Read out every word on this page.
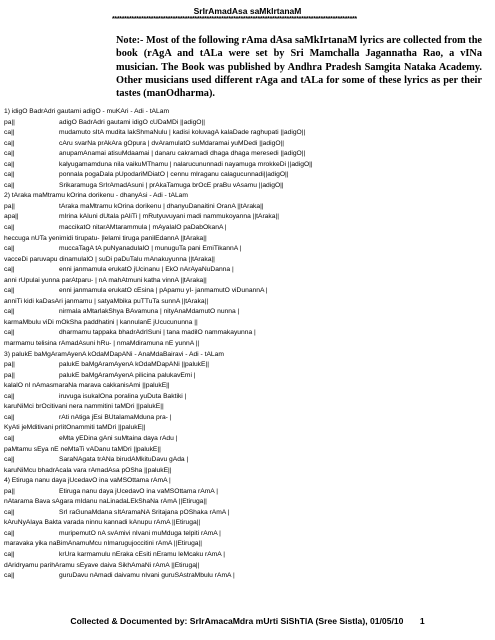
SrIrAmadAsa saMkIrtanaM
*****************************************************************************************************
Note:- Most of the following rAma dAsa saMkIrtanaM lyrics are collected from the book (rAgA and tALa were set by Sri Mamchalla Jagannatha Rao, a vINa musician. The Book was published by Andhra Pradesh Samgita Nataka Academy. Other musicians used different rAga and tALa for some of these lyrics as per their tastes (manOdharma).
1) idigO BadrAdri gautami adigO - muKAri - Adi - tALam
pa||	adigO BadrAdri gautami idigO cUDaMDi ||adigO||
ca||	mudamuto sItA mudita lakShmaNulu | kadisi koluvagA kalaDade raghupati ||adigO||
ca||	cAru svarNa prAkAra gOpura | dvAramulatO suMdaramai yuMDedi ||adigO||
ca||	anupamAnamai atisuMdaamai | danaru cakramadi dhaga dhaga meresedi ||adigO||
ca||	kalyugamamduna nila vaikuMThamu | nalarucununnadi nayamuga mrokkeDi ||adigO||
ca||	ponnala pogaDala pUpodariMDiatO | cennu mIraganu calagucunnadi||adigO||
ca||	Srikaramuga SrIrAmadAsuni | prAkaTamuga brOcE praBu vAsamu ||adigO||
2) tAraka maMtramu kOrina dorikenu - dhanyAsi - Adi - tALam
pa||	tAraka maMtramu kOrina dorikenu | dhanyuDanaitini OranA ||tAraka||
apa||	mIrina kAluni dUtala pAliTi | mRutyuvuyani madi nammukoyanna ||tAraka||
ca||	maccikatO nitarAMtarammula | mAyalalO paDabOkanA |
heccuga nUTa yenimidi tirupatu- |lelami tiruga panilEdannA ||tAraka||
ca||	muccaTagA tA puNyanadulalO | munuguTa pani EmiTikannA |
vacceDi paruvapu dinamulalO | suDi paDuTalu mAnakuyunna ||tAraka||
ca||	enni janmamula erukatO jUcinanu | EkO nArAyaNuDanna |
anni rUpulai yunna parAtparu- | nA mahAtmuni katha vinnA ||tAraka||
ca||	enni janmamula erukatO cEsina | pApamu yI- janmamutO viDunannA |
anniTi kidi kaDasAri janmamu | satyaMbika puTTuTa sunnA ||tAraka||
ca||	nirmala aMtarlakShya BAvamuna | nityAnaMdamutO nunna |
karmaMbulu viDi mOkSha paddhatini | kannulanE jUcucununna ||
ca||	dharmamu tappaka bhadrAdrISuni | tana madilO nammakayunna |
marmamu telisina rAmadAsuni hRu- | nmaMdiramuna nE yunnA ||
3) palukE baMgAramAyenA kOdaMDapANi - AnaMdaBairavi - Adi - tALam
pa||	palukE baMgAramAyenA kOdaMDapANi ||palukE||
pa||	palukE baMgAramAyenA pilicina palukavEmi |
kalalO nI nAmasmaraNa marava cakkanisAmi ||palukE||
ca||	iruvuga isukalOna poralina yuDuta Baktiki |
karuNiMci brOcitivani nera nammitini taMDri ||palukE||
ca||	rAti nAtiga jEsi BUtalamaMduna pra- |
KyAti jeMditivani prIitOnammiti taMDri ||palukE||
ca||	eMta yEDina gAni suMtaina daya rAdu |
paMtamu sEya nE neMtaTi vADanu taMDri ||palukE||
ca||	SaraNAgata trANa birudAMkituDavu gAda |
karuNiMcu bhadrAcala vara rAmadAsa pOSha ||palukE||
4) Etiruga nanu daya jUcedavO ina vaMSOttama rAmA |
pa||	Etiruga nanu daya jUcedavO ina vaMSOttama rAmA |
nAtarama Bava sAgara mIdanu naLinadaLEkShaNa rAmA ||Etiruga||
ca||	SrI raGunaMdana sItAramaNA Sritajana pOShaka rAmA |
kAruNyAlaya Bakta varada ninnu kannadi kAnupu rAmA ||Etiruga||
ca||	muripemutO nA svAmivi nIvani muMduga telpiti rAmA |
maravaka yika naBimAnamuMcu nImarugujoccitini rAmA ||Etiruga||
ca||	krUra karmamulu nEraka cEsiti nEramu leMcaku rAmA |
dAridryamu parihAramu sEyave daiva SikhAmaNi rAmA ||Etiruga||
ca||	guruDavu nAmadi daivamu nIvani guruSAstraMbulu rAmA |
Collected & Documented by: SrIrAmacaMdra mUrti SiShTlA (Sree Sistla), 01/05/10 1
